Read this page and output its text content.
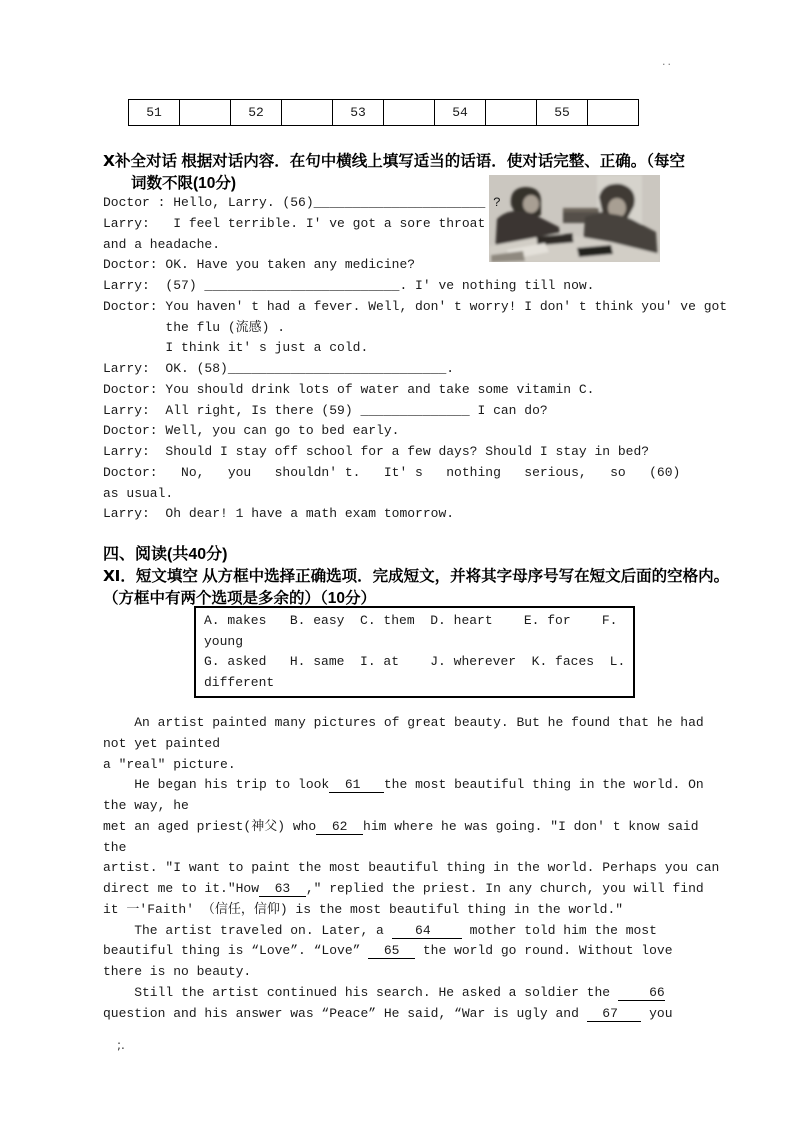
··
51	52	53	54	55
Ⅹ补全对话 根据对话内容．在句中横线上填写适当的话语．使对话完整、正确。（每空
词数不限(10分)
Doctor : Hello, Larry. (56)______________________ ?
Larry:   I feel terrible. I' ve got a sore throat
and a headache.
Doctor: OK. Have you taken any medicine?
Larry:  (57) _________________________. I' ve nothing till now.
Doctor: You haven' t had a fever. Well, don' t worry! I don' t think you' ve got
the flu (流感) .
I think it' s just a cold.
Larry:  OK. (58)____________________________.
Doctor: You should drink lots of water and take some vitamin C.
Larry:  All right, Is there (59) ______________ I can do?
Doctor: Well, you can go to bed early.
Larry:  Should I stay off school for a few days? Should I stay in bed?
Doctor:   No,   you   shouldn' t.   It' s   nothing   serious,   so   (60)
as usual.
Larry:  Oh dear! 1 have a math exam tomorrow.
四、阅读(共40分)
Ⅺ．短文填空 从方框中选择正确选项．完成短文，并将其字母序号写在短文后面的空格内。
（方框中有两个选项是多余的）（10分）
A. makes   B. easy  C. them  D. heart    E. for    F.
young
G. asked   H. same  I. at    J. wherever  K. faces  L.
different
An artist painted many pictures of great beauty. But he found that he had
not yet painted
a ″real″ picture.
He began his trip to look  61   the most beautiful thing in the world. On
the way, he
met an aged priest(神父) who  62  him where he was going. ″I don' t know said
the
artist. ″I want to paint the most beautiful thing in the world. Perhaps you can
direct me to it.″How  63  ,″ replied the priest. In any church, you will find
it 一'Faith' （信任，信仰) is the most beautiful thing in the world.″
The artist traveled on. Later, a    64     mother told him the most
beautiful thing is “Love”. “Love”   65   the world go round. Without love
there is no beauty.
Still the artist continued his search. He asked a soldier the     66
question and his answer was “Peace” He said, “War is ugly and   67    you
;.
